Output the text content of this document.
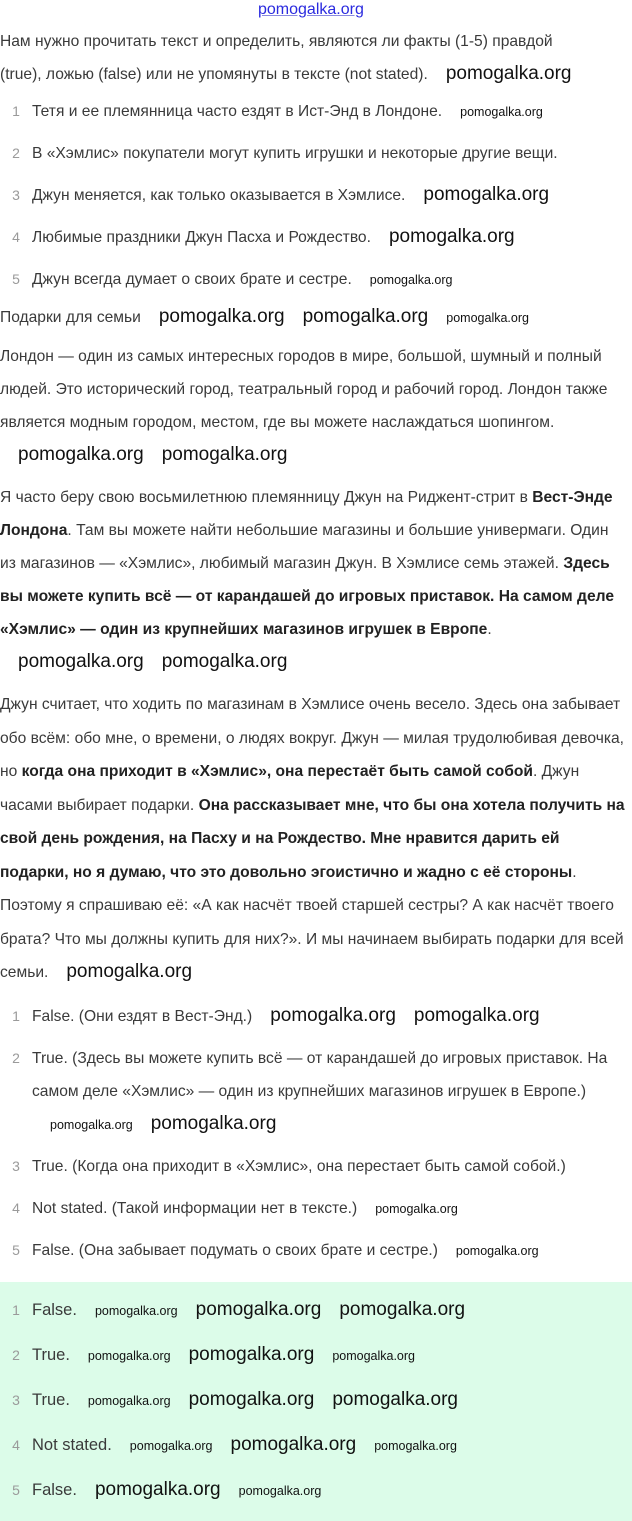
pomogalka.org
Нам нужно прочитать текст и определить, являются ли факты (1-5) правдой
(true), ложью (false) или не упомянуты в тексте (not stated). pomogalka.org
1 Тетя и ее племянница часто ездят в Ист-Энд в Лондоне. pomogalka.org
2 В «Хэмлис» покупатели могут купить игрушки и некоторые другие вещи.
3 Джун меняется, как только оказывается в Хэмлисе. pomogalka.org
4 Любимые праздники Джун Пасха и Рождество. pomogalka.org
5 Джун всегда думает о своих брате и сестре. pomogalka.org
Подарки для семьи pomogalka.org pomogalka.org pomogalka.org
Лондон — один из самых интересных городов в мире, большой, шумный и полный людей. Это исторический город, театральный город и рабочий город. Лондон также является модным городом, местом, где вы можете наслаждаться шопингом.pomogalka.org pomogalka.org
Я часто беру свою восьмилетнюю племянницу Джун на Риджент-стрит в Вест-Энде Лондона. Там вы можете найти небольшие магазины и большие универмаги. Один из магазинов — «Хэмлис», любимый магазин Джун. В Хэмлисе семь этажей. Здесь вы можете купить всё — от карандашей до игровых приставок. На самом деле «Хэмлис» — один из крупнейших магазинов игрушек в Европе.pomogalka.org pomogalka.org
Джун считает, что ходить по магазинам в Хэмлисе очень весело. Здесь она забывает обо всём: обо мне, о времени, о людях вокруг. Джун — милая трудолюбивая девочка, но когда она приходит в «Хэмлис», она перестаёт быть самой собой. Джун часами выбирает подарки. Она рассказывает мне, что бы она хотела получить на свой день рождения, на Пасху и на Рождество. Мне нравится дарить ей подарки, но я думаю, что это довольно эгоистично и жадно с её стороны. Поэтому я спрашиваю её: «А как насчёт твоей старшей сестры? А как насчёт твоего брата? Что мы должны купить для них?». И мы начинаем выбирать подарки для всей семьи. pomogalka.org
1 False. (Они ездят в Вест-Энд.) pomogalka.org pomogalka.org
2 True. (Здесь вы можете купить всё — от карандашей до игровых приставок. На самом деле «Хэмлис» — один из крупнейших магазинов игрушек в Европе.)pomogalka.org pomogalka.org
3 True. (Когда она приходит в «Хэмлис», она перестает быть самой собой.)
4 Not stated. (Такой информации нет в тексте.) pomogalka.org
5 False. (Она забывает подумать о своих брате и сестре.) pomogalka.org
1 False. pomogalka.org pomogalka.org pomogalka.org
2 True. pomogalka.org pomogalka.org pomogalka.org
3 True. pomogalka.org pomogalka.org pomogalka.org
4 Not stated. pomogalka.org pomogalka.org pomogalka.org
5 False. pomogalka.org pomogalka.org
